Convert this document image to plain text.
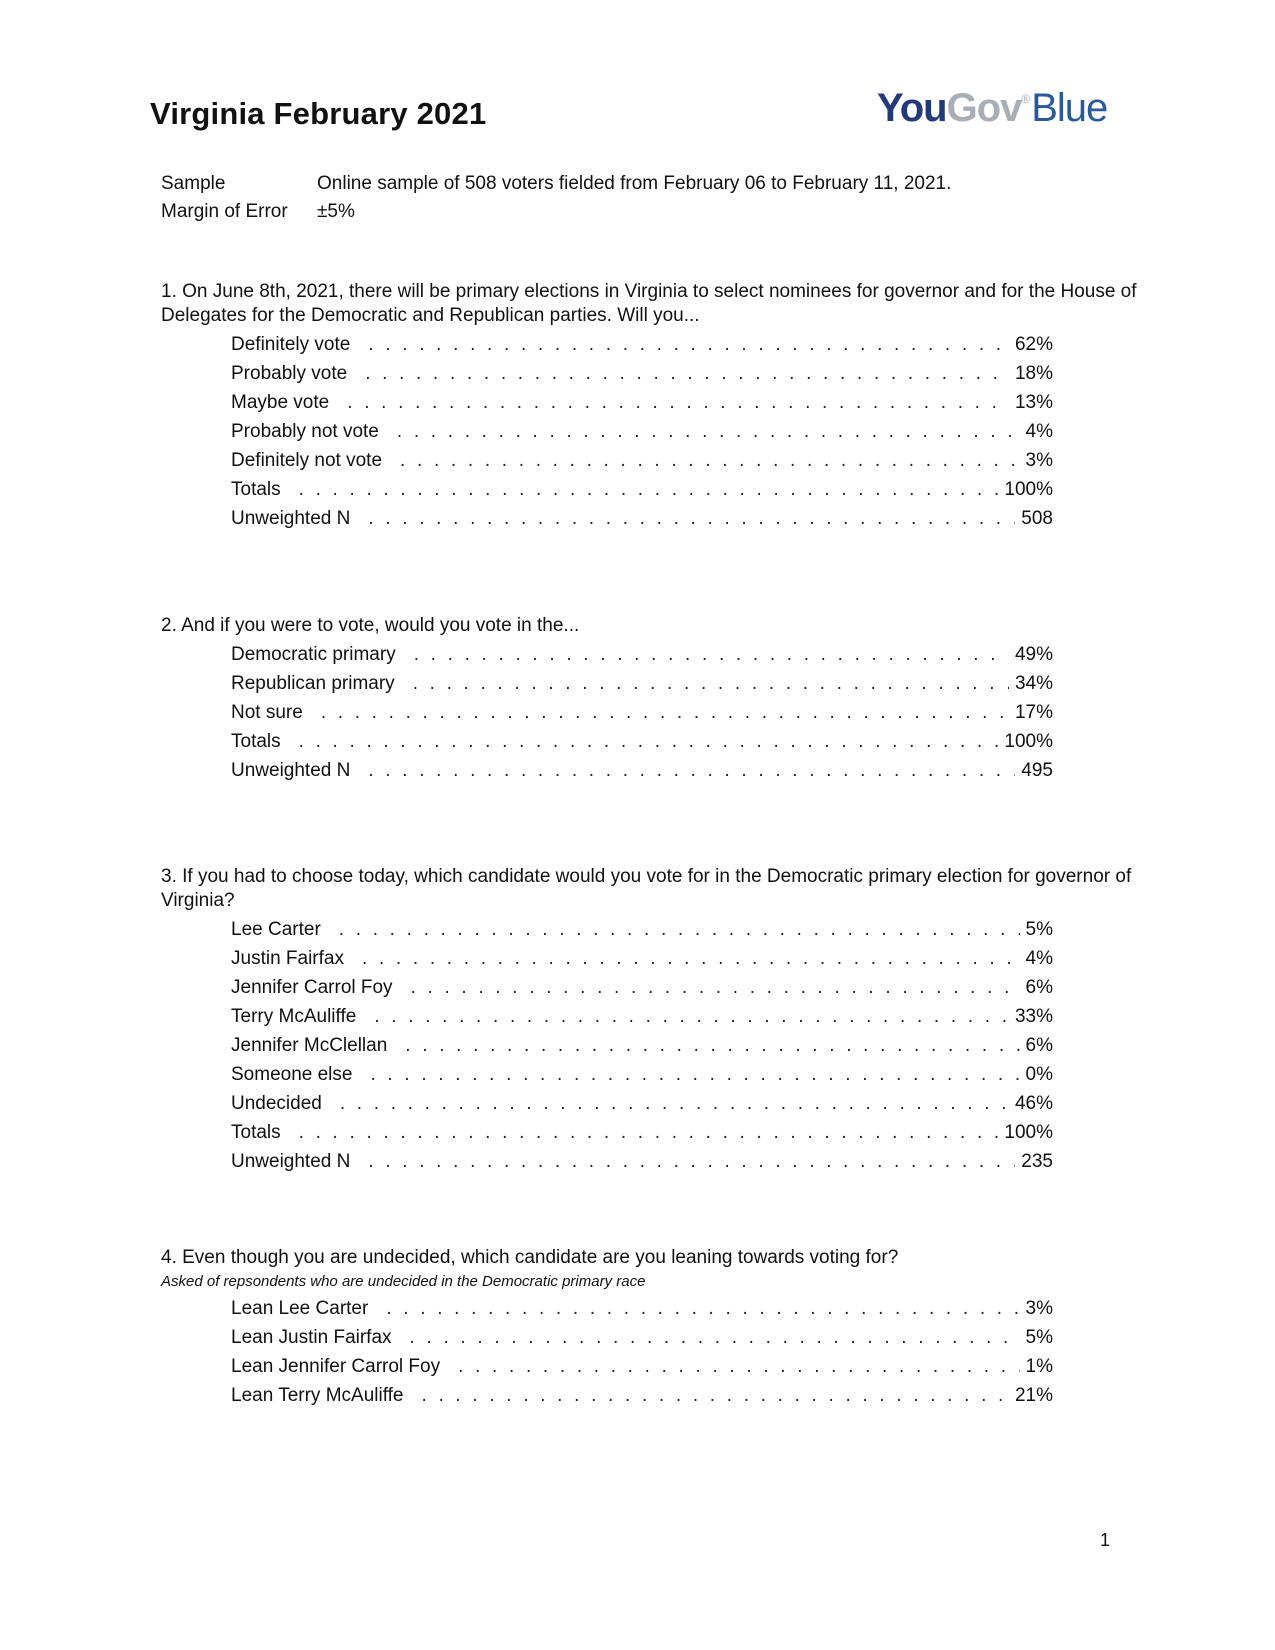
Virginia February 2021	YouGov®Blue
Sample	Online sample of 508 voters fielded from February 06 to February 11, 2021.
Margin of Error	±5%

1. On June 8th, 2021, there will be primary elections in Virginia to select nominees for governor and for the House of Delegates for the Democratic and Republican parties. Will you...

Definitely vote . . .	62%
Probably vote . . .	18%
Maybe vote . . .	13%
Probably not vote . . .	4%
Definitely not vote . . .	3%
Totals . . .	100%
Unweighted N . . .	508

2. And if you were to vote, would you vote in the...

Democratic primary . . .	49%
Republican primary . . .	34%
Not sure . . .	17%
Totals . . .	100%
Unweighted N . . .	495

3. If you had to choose today, which candidate would you vote for in the Democratic primary election for governor of Virginia?

Lee Carter . . .	5%
Justin Fairfax . . .	4%
Jennifer Carrol Foy . . .	6%
Terry McAuliffe . . .	33%
Jennifer McClellan . . .	6%
Someone else . . .	0%
Undecided . . .	46%
Totals . . .	100%
Unweighted N . . .	235

4. Even though you are undecided, which candidate are you leaning towards voting for?

Asked of repsondents who are undecided in the Democratic primary race
Lean Lee Carter . . .	3%
Lean Justin Fairfax . . .	5%
Lean Jennifer Carrol Foy . . .	1%
Lean Terry McAuliffe . . .	21%
1
